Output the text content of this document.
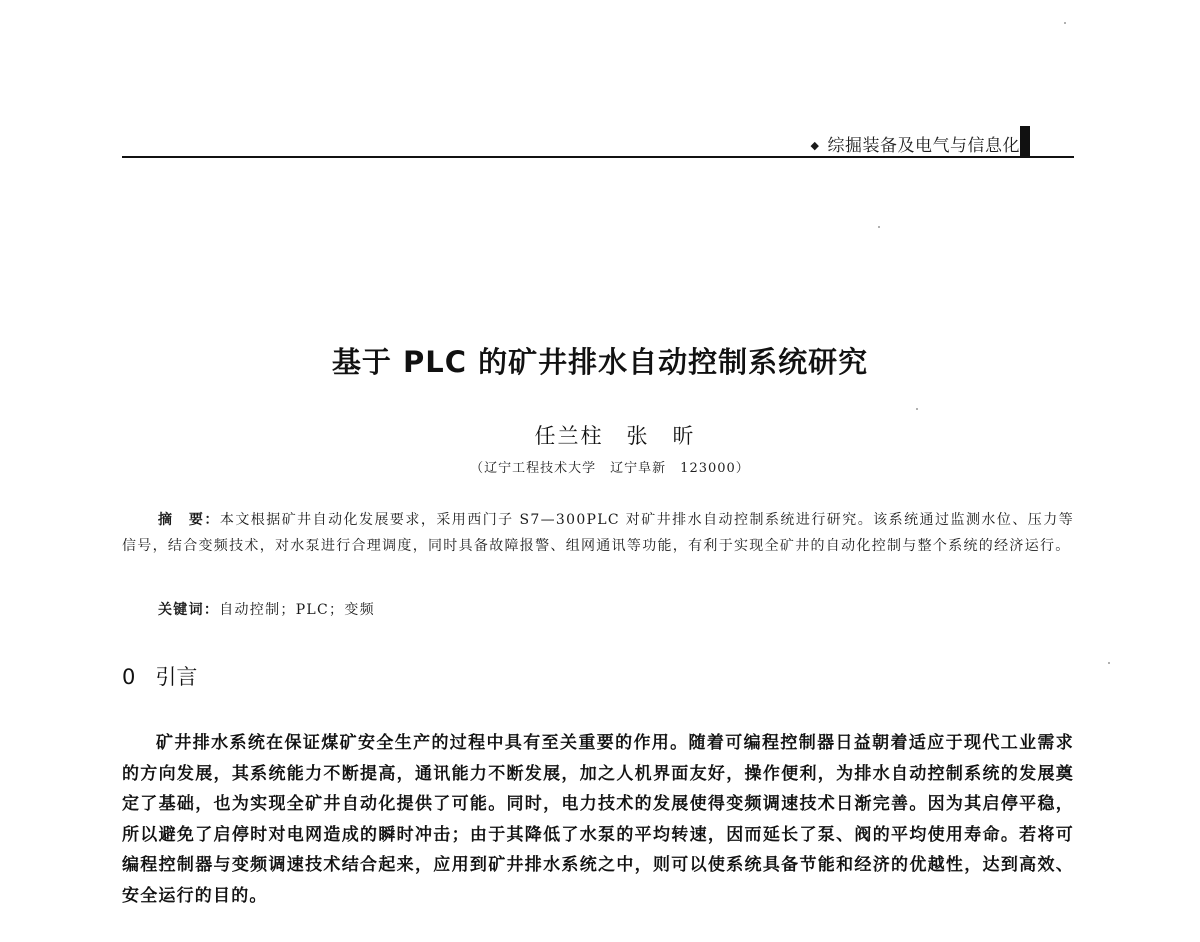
◆ 综掘装备及电气与信息化
基于 PLC 的矿井排水自动控制系统研究
任兰柱　张　昕
（辽宁工程技术大学　辽宁阜新　123000）
摘　要：本文根据矿井自动化发展要求，采用西门子 S7—300PLC 对矿井排水自动控制系统进行研究。该系统通过监测水位、压力等信号，结合变频技术，对水泵进行合理调度，同时具备故障报警、组网通讯等功能，有利于实现全矿井的自动化控制与整个系统的经济运行。
关键词：自动控制；PLC；变频
0 引言
矿井排水系统在保证煤矿安全生产的过程中具有至关重要的作用。随着可编程控制器日益朝着适应于现代工业需求的方向发展，其系统能力不断提高，通讯能力不断发展，加之人机界面友好，操作便利，为排水自动控制系统的发展奠定了基础，也为实现全矿井自动化提供了可能。同时，电力技术的发展使得变频调速技术日渐完善。因为其启停平稳，所以避免了启停时对电网造成的瞬时冲击；由于其降低了水泵的平均转速，因而延长了泵、阀的平均使用寿命。若将可编程控制器与变频调速技术结合起来，应用到矿井排水系统之中，则可以使系统具备节能和经济的优越性，达到高效、安全运行的目的。
